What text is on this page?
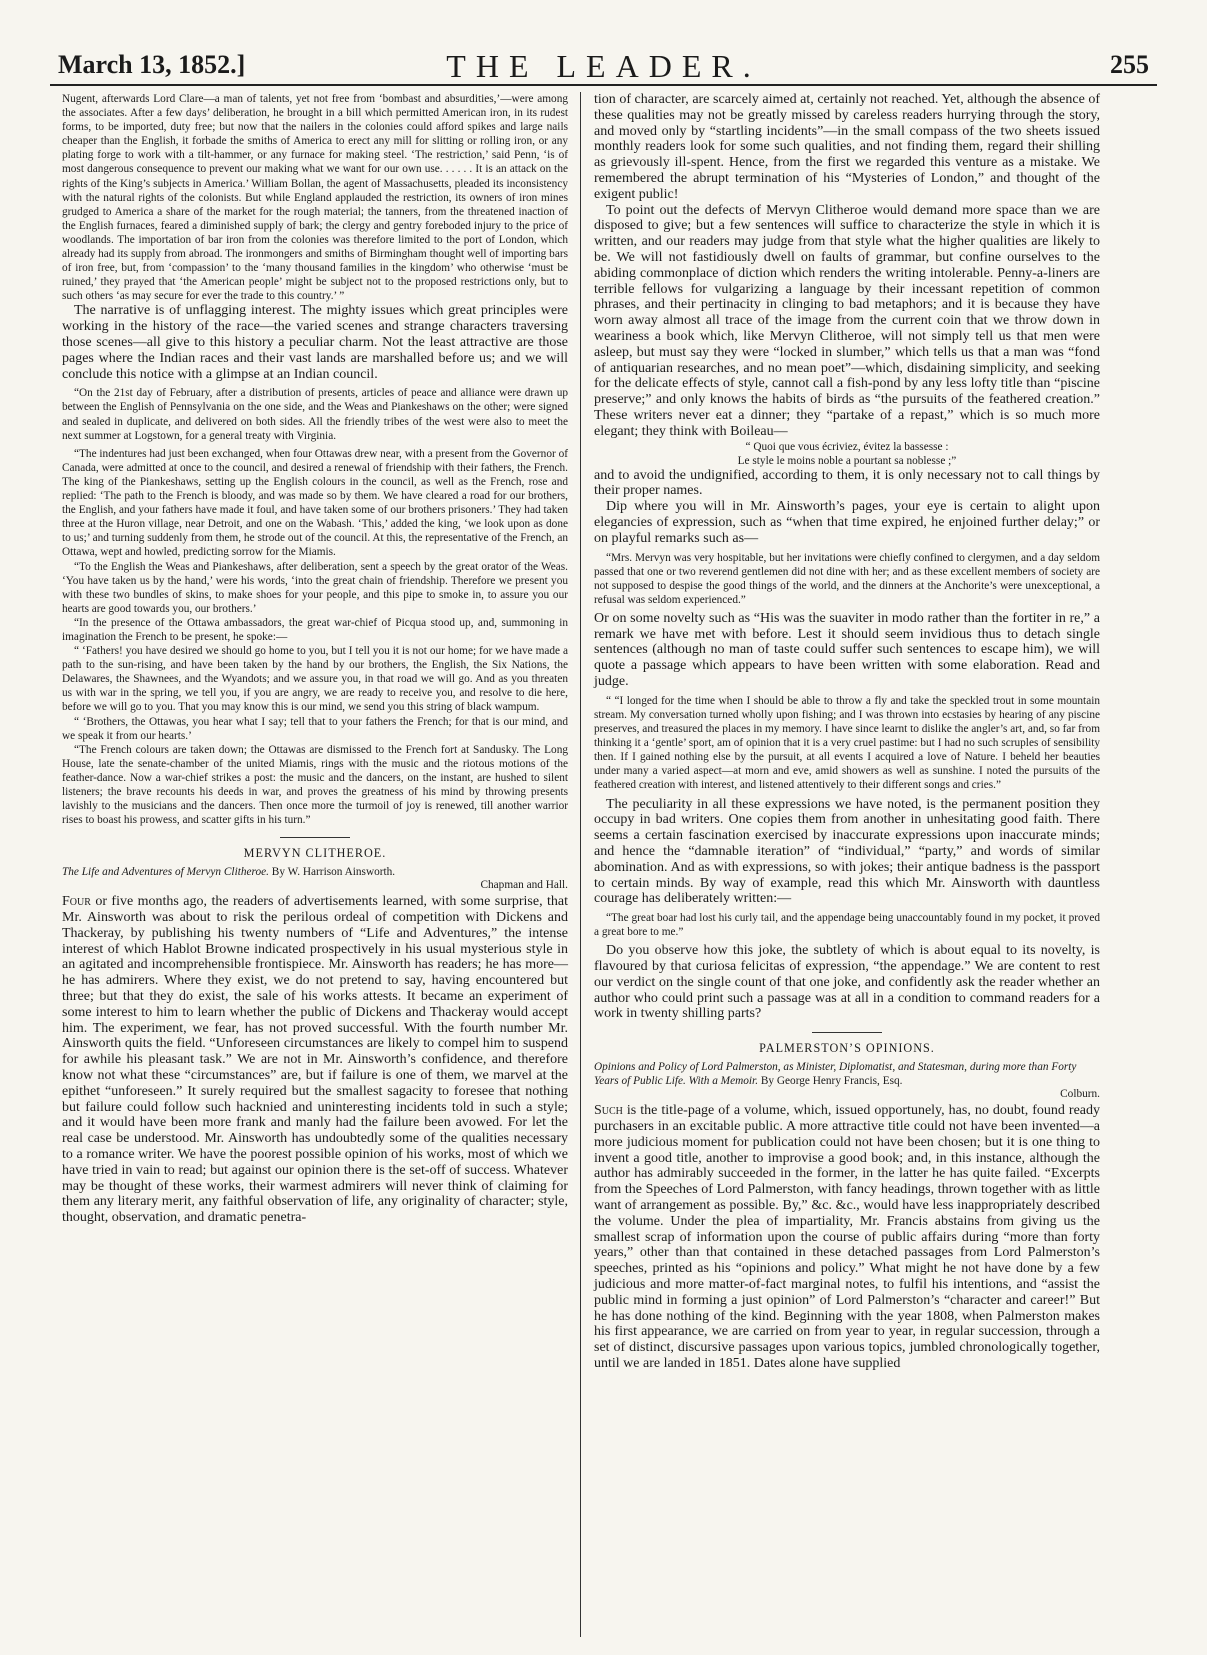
March 13, 1852.]	THE LEADER.	255

Nugent, afterwards Lord Clare—a man of talents, yet not free from ‘bombast and absurdities,’—were among the associates. After a few days’ deliberation, he brought in a bill which permitted American iron, in its rudest forms, to be imported, duty free; but now that the nailers in the colonies could afford spikes and large nails cheaper than the English, it forbade the smiths of America to erect any mill for slitting or rolling iron, or any plating forge to work with a tilt-hammer, or any furnace for making steel. ‘The restriction,’ said Penn, ‘is of most dangerous consequence to prevent our making what we want for our own use. . . . . . It is an attack on the rights of the King’s subjects in America.’ William Bollan, the agent of Massachusetts, pleaded its inconsistency with the natural rights of the colonists. But while England applauded the restriction, its owners of iron mines grudged to America a share of the market for the rough material; the tanners, from the threatened inaction of the English furnaces, feared a diminished supply of bark; the clergy and gentry foreboded injury to the price of woodlands. The importation of bar iron from the colonies was therefore limited to the port of London, which already had its supply from abroad. The ironmongers and smiths of Birmingham thought well of importing bars of iron free, but, from ‘compassion’ to the ‘many thousand families in the kingdom’ who otherwise ‘must be ruined,’ they prayed that ‘the American people’ might be subject not to the proposed restrictions only, but to such others ‘as may secure for ever the trade to this country.’ ”

The narrative is of unflagging interest. The mighty issues which great principles were working in the history of the race—the varied scenes and strange characters traversing those scenes—all give to this history a peculiar charm. Not the least attractive are those pages where the Indian races and their vast lands are marshalled before us; and we will conclude this notice with a glimpse at an Indian council.

“On the 21st day of February, after a distribution of presents, articles of peace and alliance were drawn up between the English of Pennsylvania on the one side, and the Weas and Piankeshaws on the other; were signed and sealed in duplicate, and delivered on both sides. All the friendly tribes of the west were also to meet the next summer at Logstown, for a general treaty with Virginia.

“The indentures had just been exchanged, when four Ottawas drew near, with a present from the Governor of Canada, were admitted at once to the council, and desired a renewal of friendship with their fathers, the French. The king of the Piankeshaws, setting up the English colours in the council, as well as the French, rose and replied: ‘The path to the French is bloody, and was made so by them. We have cleared a road for our brothers, the English, and your fathers have made it foul, and have taken some of our brothers prisoners.’ They had taken three at the Huron village, near Detroit, and one on the Wabash. ‘This,’ added the king, ‘we look upon as done to us;’ and turning suddenly from them, he strode out of the council. At this, the representative of the French, an Ottawa, wept and howled, predicting sorrow for the Miamis.

“To the English the Weas and Piankeshaws, after deliberation, sent a speech by the great orator of the Weas. ‘You have taken us by the hand,’ were his words, ‘into the great chain of friendship. Therefore we present you with these two bundles of skins, to make shoes for your people, and this pipe to smoke in, to assure you our hearts are good towards you, our brothers.’

“In the presence of the Ottawa ambassadors, the great war-chief of Picqua stood up, and, summoning in imagination the French to be present, he spoke:—

“ ‘Fathers! you have desired we should go home to you, but I tell you it is not our home; for we have made a path to the sun-rising, and have been taken by the hand by our brothers, the English, the Six Nations, the Delawares, the Shawnees, and the Wyandots; and we assure you, in that road we will go. And as you threaten us with war in the spring, we tell you, if you are angry, we are ready to receive you, and resolve to die here, before we will go to you. That you may know this is our mind, we send you this string of black wampum.

“ ‘Brothers, the Ottawas, you hear what I say; tell that to your fathers the French; for that is our mind, and we speak it from our hearts.’

“The French colours are taken down; the Ottawas are dismissed to the French fort at Sandusky. The Long House, late the senate-chamber of the united Miamis, rings with the music and the riotous motions of the feather-dance. Now a war-chief strikes a post: the music and the dancers, on the instant, are hushed to silent listeners; the brave recounts his deeds in war, and proves the greatness of his mind by throwing presents lavishly to the musicians and the dancers. Then once more the turmoil of joy is renewed, till another warrior rises to boast his prowess, and scatter gifts in his turn.”

MERVYN CLITHEROE.
The Life and Adventures of Mervyn Clitheroe. By W. Harrison Ainsworth.
Chapman and Hall.

Four or five months ago, the readers of advertisements learned, with some surprise, that Mr. Ainsworth was about to risk the perilous ordeal of competition with Dickens and Thackeray, by publishing his twenty numbers of “Life and Adventures,” the intense interest of which Hablot Browne indicated prospectively in his usual mysterious style in an agitated and incomprehensible frontispiece. Mr. Ainsworth has readers; he has more—he has admirers. Where they exist, we do not pretend to say, having encountered but three; but that they do exist, the sale of his works attests. It became an experiment of some interest to him to learn whether the public of Dickens and Thackeray would accept him. The experiment, we fear, has not proved successful. With the fourth number Mr. Ainsworth quits the field. “Unforeseen circumstances are likely to compel him to suspend for awhile his pleasant task.” We are not in Mr. Ainsworth’s confidence, and therefore know not what these “circumstances” are, but if failure is one of them, we marvel at the epithet “unforeseen.” It surely required but the smallest sagacity to foresee that nothing but failure could follow such hacknied and uninteresting incidents told in such a style; and it would have been more frank and manly had the failure been avowed. For let the real case be understood. Mr. Ainsworth has undoubtedly some of the qualities necessary to a romance writer. We have the poorest possible opinion of his works, most of which we have tried in vain to read; but against our opinion there is the set-off of success. Whatever may be thought of these works, their warmest admirers will never think of claiming for them any literary merit, any faithful observation of life, any originality of character; style, thought, observation, and dramatic penetra-

tion of character, are scarcely aimed at, certainly not reached. Yet, although the absence of these qualities may not be greatly missed by careless readers hurrying through the story, and moved only by “startling incidents”—in the small compass of the two sheets issued monthly readers look for some such qualities, and not finding them, regard their shilling as grievously ill-spent. Hence, from the first we regarded this venture as a mistake. We remembered the abrupt termination of his “Mysteries of London,” and thought of the exigent public!

To point out the defects of Mervyn Clitheroe would demand more space than we are disposed to give; but a few sentences will suffice to characterize the style in which it is written, and our readers may judge from that style what the higher qualities are likely to be. We will not fastidiously dwell on faults of grammar, but confine ourselves to the abiding commonplace of diction which renders the writing intolerable. Penny-a-liners are terrible fellows for vulgarizing a language by their incessant repetition of common phrases, and their pertinacity in clinging to bad metaphors; and it is because they have worn away almost all trace of the image from the current coin that we throw down in weariness a book which, like Mervyn Clitheroe, will not simply tell us that men were asleep, but must say they were “locked in slumber,” which tells us that a man was “fond of antiquarian researches, and no mean poet”—which, disdaining simplicity, and seeking for the delicate effects of style, cannot call a fish-pond by any less lofty title than “piscine preserve;” and only knows the habits of birds as “the pursuits of the feathered creation.” These writers never eat a dinner; they “partake of a repast,” which is so much more elegant; they think with Boileau—

“ Quoi que vous écriviez, évitez la bassesse :
Le style le moins noble a pourtant sa noblesse ;”

and to avoid the undignified, according to them, it is only necessary not to call things by their proper names.

Dip where you will in Mr. Ainsworth’s pages, your eye is certain to alight upon elegancies of expression, such as “when that time expired, he enjoined further delay;” or on playful remarks such as—

“Mrs. Mervyn was very hospitable, but her invitations were chiefly confined to clergymen, and a day seldom passed that one or two reverend gentlemen did not dine with her; and as these excellent members of society are not supposed to despise the good things of the world, and the dinners at the Anchorite’s were unexceptional, a refusal was seldom experienced.”

Or on some novelty such as “His was the suaviter in modo rather than the fortiter in re,” a remark we have met with before. Lest it should seem invidious thus to detach single sentences (although no man of taste could suffer such sentences to escape him), we will quote a passage which appears to have been written with some elaboration. Read and judge.

“ “I longed for the time when I should be able to throw a fly and take the speckled trout in some mountain stream. My conversation turned wholly upon fishing; and I was thrown into ecstasies by hearing of any piscine preserves, and treasured the places in my memory. I have since learnt to dislike the angler’s art, and, so far from thinking it a ‘gentle’ sport, am of opinion that it is a very cruel pastime: but I had no such scruples of sensibility then. If I gained nothing else by the pursuit, at all events I acquired a love of Nature. I beheld her beauties under many a varied aspect—at morn and eve, amid showers as well as sunshine. I noted the pursuits of the feathered creation with interest, and listened attentively to their different songs and cries.”

The peculiarity in all these expressions we have noted, is the permanent position they occupy in bad writers. One copies them from another in unhesitating good faith. There seems a certain fascination exercised by inaccurate expressions upon inaccurate minds; and hence the “damnable iteration” of “individual,” “party,” and words of similar abomination. And as with expressions, so with jokes; their antique badness is the passport to certain minds. By way of example, read this which Mr. Ainsworth with dauntless courage has deliberately written:—

“The great boar had lost his curly tail, and the appendage being unaccountably found in my pocket, it proved a great bore to me.”

Do you observe how this joke, the subtlety of which is about equal to its novelty, is flavoured by that curiosa felicitas of expression, “the appendage.” We are content to rest our verdict on the single count of that one joke, and confidently ask the reader whether an author who could print such a passage was at all in a condition to command readers for a work in twenty shilling parts?

PALMERSTON’S OPINIONS.
Opinions and Policy of Lord Palmerston, as Minister, Diplomatist, and Statesman, during more than Forty Years of Public Life. With a Memoir. By George Henry Francis, Esq.
Colburn.

Such is the title-page of a volume, which, issued opportunely, has, no doubt, found ready purchasers in an excitable public. A more attractive title could not have been invented—a more judicious moment for publication could not have been chosen; but it is one thing to invent a good title, another to improvise a good book; and, in this instance, although the author has admirably succeeded in the former, in the latter he has quite failed. “Excerpts from the Speeches of Lord Palmerston, with fancy headings, thrown together with as little want of arrangement as possible. By,” &c. &c., would have less inappropriately described the volume. Under the plea of impartiality, Mr. Francis abstains from giving us the smallest scrap of information upon the course of public affairs during “more than forty years,” other than that contained in these detached passages from Lord Palmerston’s speeches, printed as his “opinions and policy.” What might he not have done by a few judicious and more matter-of-fact marginal notes, to fulfil his intentions, and “assist the public mind in forming a just opinion” of Lord Palmerston’s “character and career!” But he has done nothing of the kind. Beginning with the year 1808, when Palmerston makes his first appearance, we are carried on from year to year, in regular succession, through a set of distinct, discursive passages upon various topics, jumbled chronologically together, until we are landed in 1851. Dates alone have supplied
